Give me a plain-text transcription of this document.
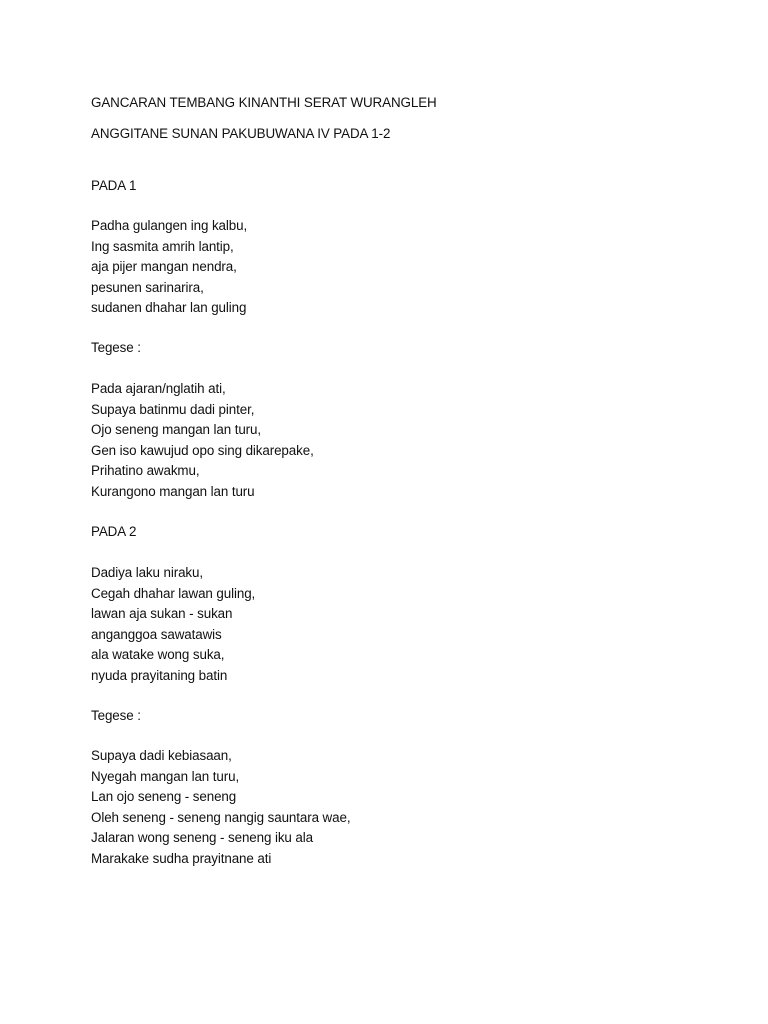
GANCARAN TEMBANG KINANTHI SERAT WURANGLEH
ANGGITANE SUNAN PAKUBUWANA IV PADA 1-2
PADA 1
Padha gulangen ing kalbu,
Ing sasmita amrih lantip,
aja pijer mangan nendra,
pesunen sarinarira,
sudanen dhahar lan guling
Tegese :
Pada ajaran/nglatih ati,
Supaya batinmu dadi pinter,
Ojo seneng mangan lan turu,
Gen iso kawujud opo sing dikarepake,
Prihatino awakmu,
Kurangono mangan lan turu
PADA 2
Dadiya laku niraku,
Cegah dhahar lawan guling,
lawan aja sukan - sukan
anganggoa sawatawis
ala watake wong suka,
nyuda prayitaning batin
Tegese :
Supaya dadi kebiasaan,
Nyegah mangan lan turu,
Lan ojo seneng - seneng
Oleh seneng - seneng nangig sauntara wae,
Jalaran wong seneng - seneng iku ala
Marakake sudha prayitnane ati
